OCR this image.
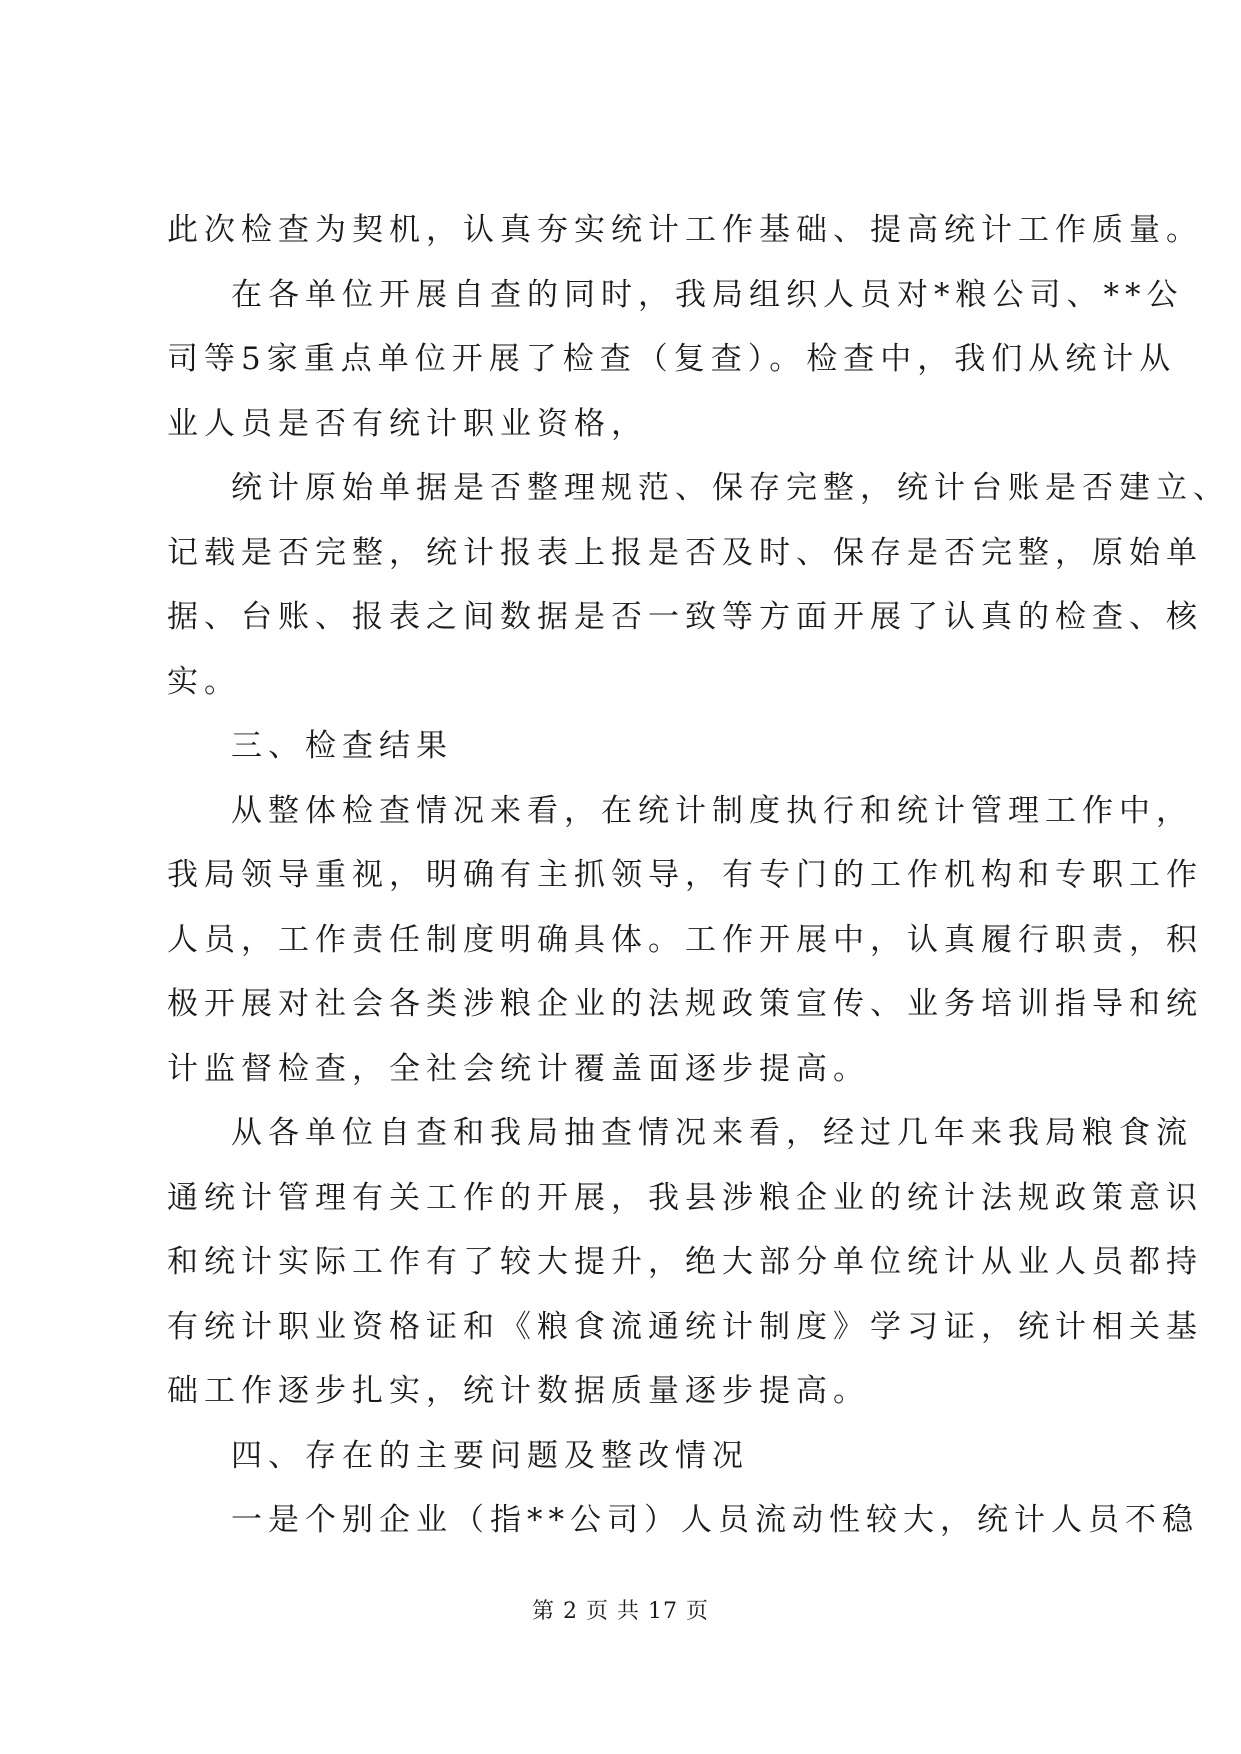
此次检查为契机，认真夯实统计工作基础、提高统计工作质量。
在各单位开展自查的同时，我局组织人员对*粮公司、**公
司等5家重点单位开展了检查（复查）。检查中，我们从统计从
业人员是否有统计职业资格，
统计原始单据是否整理规范、保存完整，统计台账是否建立、
记载是否完整，统计报表上报是否及时、保存是否完整，原始单
据、台账、报表之间数据是否一致等方面开展了认真的检查、核
实。
三、检查结果
从整体检查情况来看，在统计制度执行和统计管理工作中，
我局领导重视，明确有主抓领导，有专门的工作机构和专职工作
人员，工作责任制度明确具体。工作开展中，认真履行职责，积
极开展对社会各类涉粮企业的法规政策宣传、业务培训指导和统
计监督检查，全社会统计覆盖面逐步提高。
从各单位自查和我局抽查情况来看，经过几年来我局粮食流
通统计管理有关工作的开展，我县涉粮企业的统计法规政策意识
和统计实际工作有了较大提升，绝大部分单位统计从业人员都持
有统计职业资格证和《粮食流通统计制度》学习证，统计相关基
础工作逐步扎实，统计数据质量逐步提高。
四、存在的主要问题及整改情况
一是个别企业（指**公司）人员流动性较大，统计人员不稳
第 2 页 共 17 页
